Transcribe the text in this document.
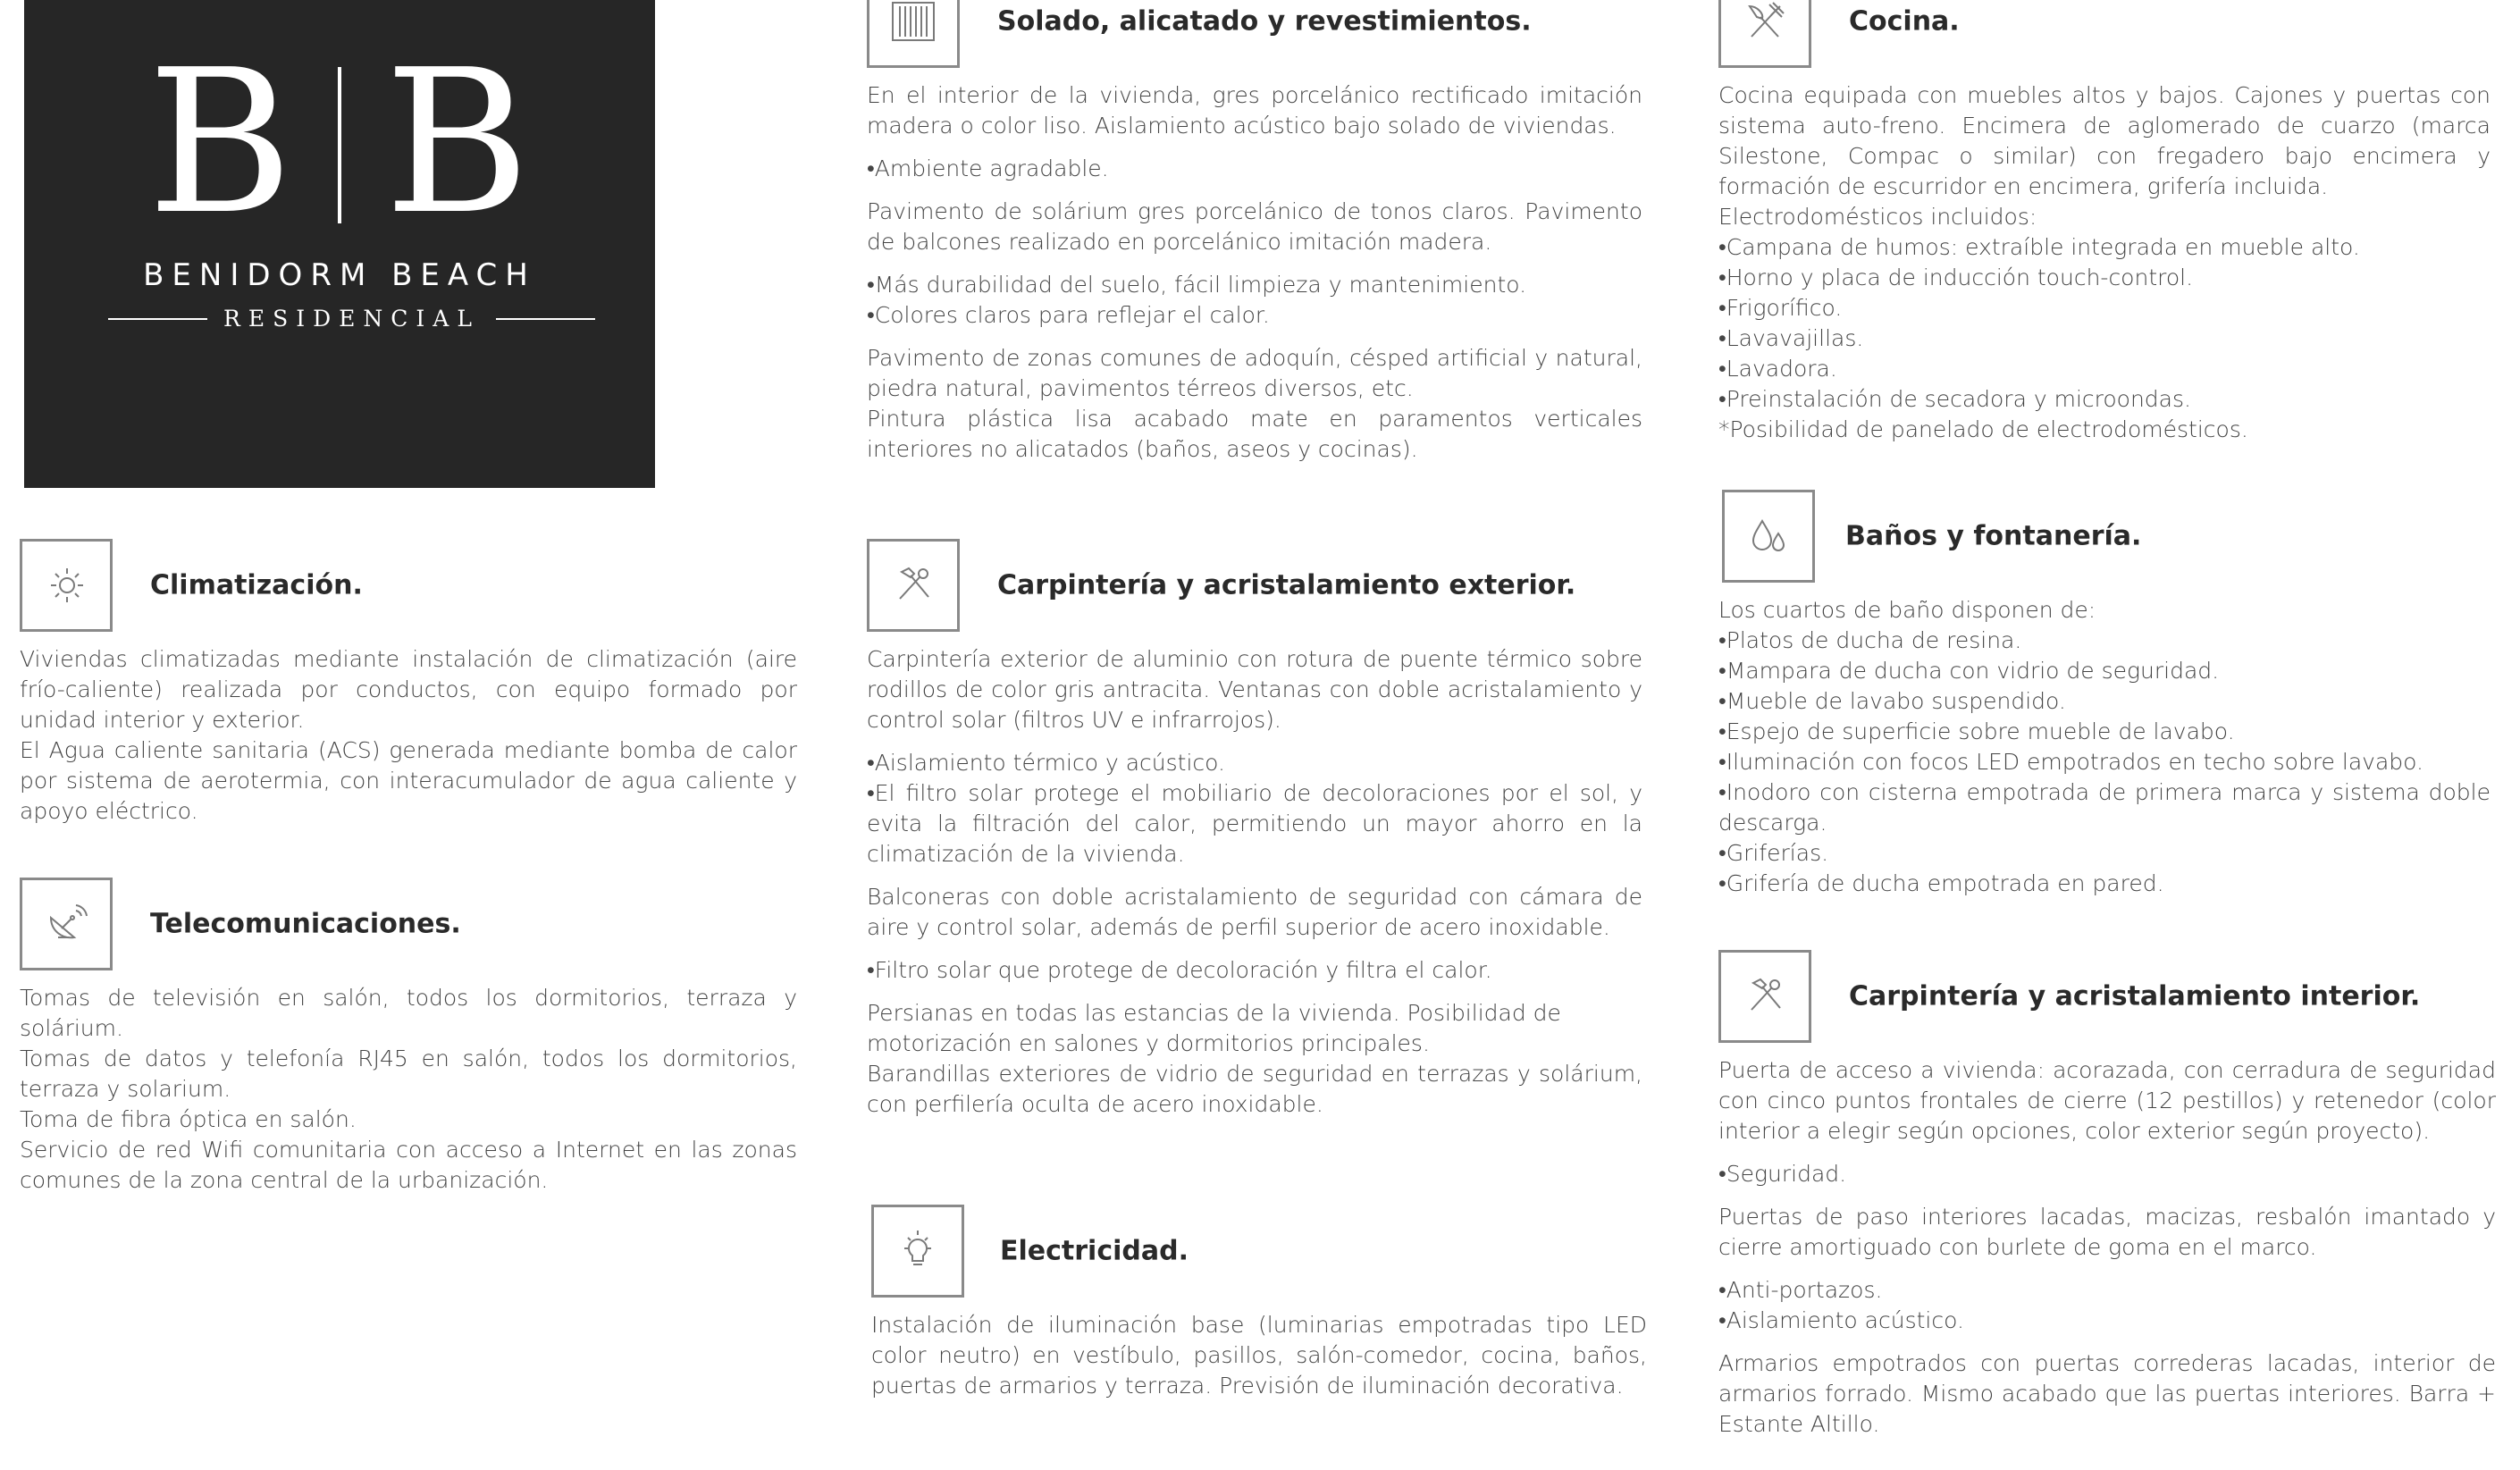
B B
BENIDORM BEACH
RESIDENCIAL
Solado, alicatado y revestimientos.

En el interior de la vivienda, gres porcelánico rectificado imitación madera o color liso. Aislamiento acústico bajo solado de viviendas.

•Ambiente agradable.

Pavimento de solárium gres porcelánico de tonos claros. Pavimento de balcones realizado en porcelánico imitación madera.

•Más durabilidad del suelo, fácil limpieza y mantenimiento.

•Colores claros para reflejar el calor.

Pavimento de zonas comunes de adoquín, césped artificial y natural, piedra natural, pavimentos térreos diversos, etc.

Pintura plástica lisa acabado mate en paramentos verticales interiores no alicatados (baños, aseos y cocinas).

Cocina.

Cocina equipada con muebles altos y bajos. Cajones y puertas con sistema auto-freno. Encimera de aglomerado de cuarzo (marca Silestone, Compac o similar) con fregadero bajo encimera y formación de escurridor en encimera, grifería incluida.

Electrodomésticos incluidos:

•Campana de humos: extraíble integrada en mueble alto.

•Horno y placa de inducción touch-control.

•Frigorífico.

•Lavavajillas.

•Lavadora.

•Preinstalación de secadora y microondas.

*Posibilidad de panelado de electrodomésticos.

Climatización.

Viviendas climatizadas mediante instalación de climatización (aire frío-caliente) realizada por conductos, con equipo formado por unidad interior y exterior.

El Agua caliente sanitaria (ACS) generada mediante bomba de calor por sistema de aerotermia, con interacumulador de agua caliente y apoyo eléctrico.

Telecomunicaciones.

Tomas de televisión en salón, todos los dormitorios, terraza y solárium.

Tomas de datos y telefonía RJ45 en salón, todos los dormitorios, terraza y solarium.

Toma de fibra óptica en salón.

Servicio de red Wifi comunitaria con acceso a Internet en las zonas comunes de la zona central de la urbanización.

Carpintería y acristalamiento exterior.

Carpintería exterior de aluminio con rotura de puente térmico sobre rodillos de color gris antracita. Ventanas con doble acristalamiento y control solar (filtros UV e infrarrojos).

•Aislamiento térmico y acústico.

•El filtro solar protege el mobiliario de decoloraciones por el sol, y evita la filtración del calor, permitiendo un mayor ahorro en la climatización de la vivienda.

Balconeras con doble acristalamiento de seguridad con cámara de aire y control solar, además de perfil superior de acero inoxidable.

•Filtro solar que protege de decoloración y filtra el calor.

Persianas en todas las estancias de la vivienda. Posibilidad de motorización en salones y dormitorios principales.

Barandillas exteriores de vidrio de seguridad en terrazas y solárium, con perfilería oculta de acero inoxidable.

Baños y fontanería.

Los cuartos de baño disponen de:

•Platos de ducha de resina.

•Mampara de ducha con vidrio de seguridad.

•Mueble de lavabo suspendido.

•Espejo de superficie sobre mueble de lavabo.

•Iluminación con focos LED empotrados en techo sobre lavabo.

•Inodoro con cisterna empotrada de primera marca y sistema doble descarga.

•Griferías.

•Grifería de ducha empotrada en pared.

Electricidad.

Instalación de iluminación base (luminarias empotradas tipo LED color neutro) en vestíbulo, pasillos, salón-comedor, cocina, baños, puertas de armarios y terraza. Previsión de iluminación decorativa.

Carpintería y acristalamiento interior.

Puerta de acceso a vivienda: acorazada, con cerradura de seguridad con cinco puntos frontales de cierre (12 pestillos) y retenedor (color interior a elegir según opciones, color exterior según proyecto).

•Seguridad.

Puertas de paso interiores lacadas, macizas, resbalón imantado y cierre amortiguado con burlete de goma en el marco.

•Anti-portazos.

•Aislamiento acústico.

Armarios empotrados con puertas correderas lacadas, interior de armarios forrado. Mismo acabado que las puertas interiores. Barra + Estante Altillo.
